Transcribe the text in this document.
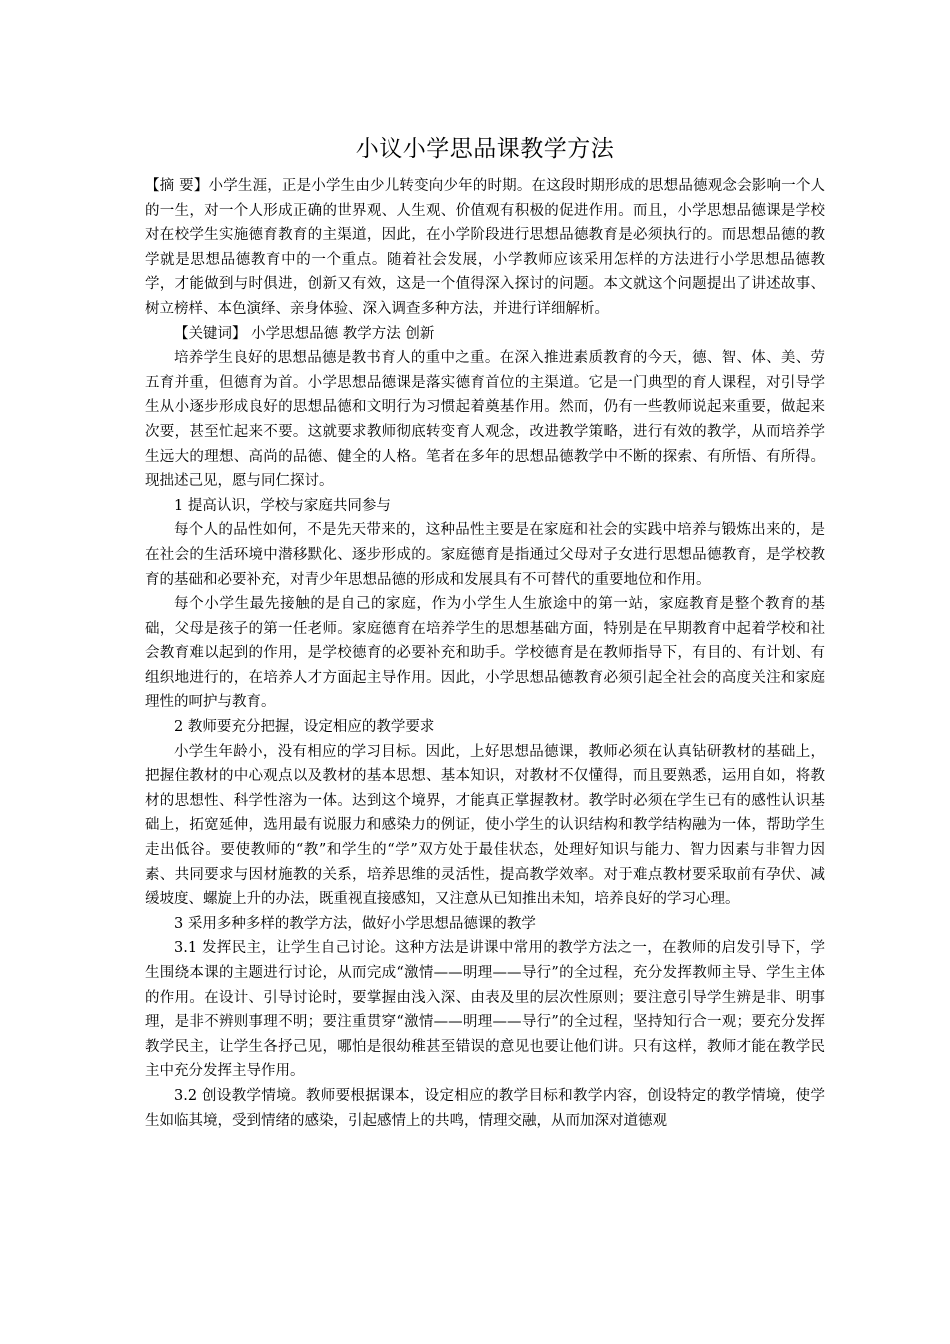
小议小学思品课教学方法

【摘 要】小学生涯，正是小学生由少儿转变向少年的时期。在这段时期形成的思想品德观念会影响一个人的一生，对一个人形成正确的世界观、人生观、价值观有积极的促进作用。而且，小学思想品德课是学校对在校学生实施德育教育的主渠道，因此，在小学阶段进行思想品德教育是必须执行的。而思想品德的教学就是思想品德教育中的一个重点。随着社会发展，小学教师应该采用怎样的方法进行小学思想品德教学，才能做到与时俱进，创新又有效，这是一个值得深入探讨的问题。本文就这个问题提出了讲述故事、树立榜样、本色演绎、亲身体验、深入调查多种方法，并进行详细解析。

【关键词】 小学思想品德 教学方法 创新

培养学生良好的思想品德是教书育人的重中之重。在深入推进素质教育的今天，德、智、体、美、劳五育并重，但德育为首。小学思想品德课是落实德育首位的主渠道。它是一门典型的育人课程，对引导学生从小逐步形成良好的思想品德和文明行为习惯起着奠基作用。然而，仍有一些教师说起来重要，做起来次要，甚至忙起来不要。这就要求教师彻底转变育人观念，改进教学策略，进行有效的教学，从而培养学生远大的理想、高尚的品德、健全的人格。笔者在多年的思想品德教学中不断的探索、有所悟、有所得。现拙述己见，愿与同仁探讨。

1 提高认识，学校与家庭共同参与

每个人的品性如何，不是先天带来的，这种品性主要是在家庭和社会的实践中培养与锻炼出来的，是在社会的生活环境中潜移默化、逐步形成的。家庭德育是指通过父母对子女进行思想品德教育，是学校教育的基础和必要补充，对青少年思想品德的形成和发展具有不可替代的重要地位和作用。

每个小学生最先接触的是自己的家庭，作为小学生人生旅途中的第一站，家庭教育是整个教育的基础，父母是孩子的第一任老师。家庭德育在培养学生的思想基础方面，特别是在早期教育中起着学校和社会教育难以起到的作用，是学校德育的必要补充和助手。学校德育是在教师指导下，有目的、有计划、有组织地进行的，在培养人才方面起主导作用。因此，小学思想品德教育必须引起全社会的高度关注和家庭理性的呵护与教育。

2 教师要充分把握，设定相应的教学要求

小学生年龄小，没有相应的学习目标。因此，上好思想品德课，教师必须在认真钻研教材的基础上，把握住教材的中心观点以及教材的基本思想、基本知识，对教材不仅懂得，而且要熟悉，运用自如，将教材的思想性、科学性溶为一体。达到这个境界，才能真正掌握教材。教学时必须在学生已有的感性认识基础上，拓宽延伸，选用最有说服力和感染力的例证，使小学生的认识结构和教学结构融为一体，帮助学生走出低谷。要使教师的“教”和学生的“学”双方处于最佳状态，处理好知识与能力、智力因素与非智力因素、共同要求与因材施教的关系，培养思维的灵活性，提高教学效率。对于难点教材要采取前有孕伏、减缓坡度、螺旋上升的办法，既重视直接感知，又注意从已知推出未知，培养良好的学习心理。

3 采用多种多样的教学方法，做好小学思想品德课的教学

3.1 发挥民主，让学生自己讨论。这种方法是讲课中常用的教学方法之一，在教师的启发引导下，学生围绕本课的主题进行讨论，从而完成“激情——明理——导行”的全过程，充分发挥教师主导、学生主体的作用。在设计、引导讨论时，要掌握由浅入深、由表及里的层次性原则；要注意引导学生辨是非、明事理，是非不辨则事理不明；要注重贯穿“激情——明理——导行”的全过程，坚持知行合一观；要充分发挥教学民主，让学生各抒己见，哪怕是很幼稚甚至错误的意见也要让他们讲。只有这样，教师才能在教学民主中充分发挥主导作用。

3.2 创设教学情境。教师要根据课本，设定相应的教学目标和教学内容，创设特定的教学情境，使学生如临其境，受到情绪的感染，引起感情上的共鸣，情理交融，从而加深对道德观
